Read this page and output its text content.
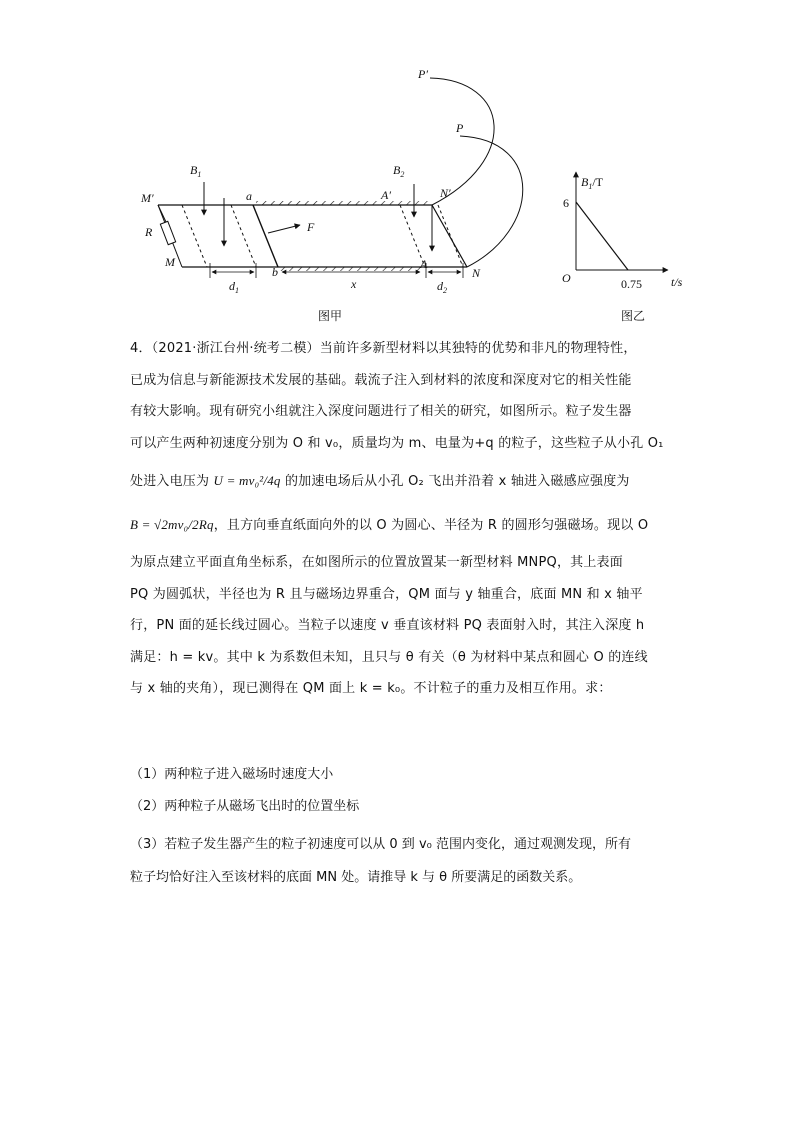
M′
M
R
$B_1$
a
F
b
$d_1$	x
$B_2$
A′	N′
A
N
$d_2$
P
P′
图甲
$B_1/T$
6
O	0.75 t/s
图乙
4．（2021·浙江台州·统考二模）当前许多新型材料以其独特的优势和非凡的物理特性，
已成为信息与新能源技术发展的基础。载流子注入到材料的浓度和深度对它的相关性能
有较大影响。现有研究小组就注入深度问题进行了相关的研究，如图所示。粒子发生器
可以产生两种初速度分别为 O 和 v₀，质量均为 m、电量为+q 的粒子，这些粒子从小孔 O₁
处进入电压为 U = mv₀²/4q 的加速电场后从小孔 O₂ 飞出并沿着 x 轴进入磁感应强度为
B = √2mv₀/2Rq，且方向垂直纸面向外的以 O 为圆心、半径为 R 的圆形匀强磁场。现以 O
为原点建立平面直角坐标系，在如图所示的位置放置某一新型材料 MNPQ，其上表面
PQ 为圆弧状，半径也为 R 且与磁场边界重合，QM 面与 y 轴重合，底面 MN 和 x 轴平
行，PN 面的延长线过圆心。当粒子以速度 v 垂直该材料 PQ 表面射入时，其注入深度 h
满足：h = kv。其中 k 为系数但未知，且只与 θ 有关（θ 为材料中某点和圆心 O 的连线
与 x 轴的夹角），现已测得在 QM 面上 k = k₀。不计粒子的重力及相互作用。求：
（1）两种粒子进入磁场时速度大小
（2）两种粒子从磁场飞出时的位置坐标
（3）若粒子发生器产生的粒子初速度可以从 0 到 v₀ 范围内变化，通过观测发现，所有
粒子均恰好注入至该材料的底面 MN 处。请推导 k 与 θ 所要满足的函数关系。
